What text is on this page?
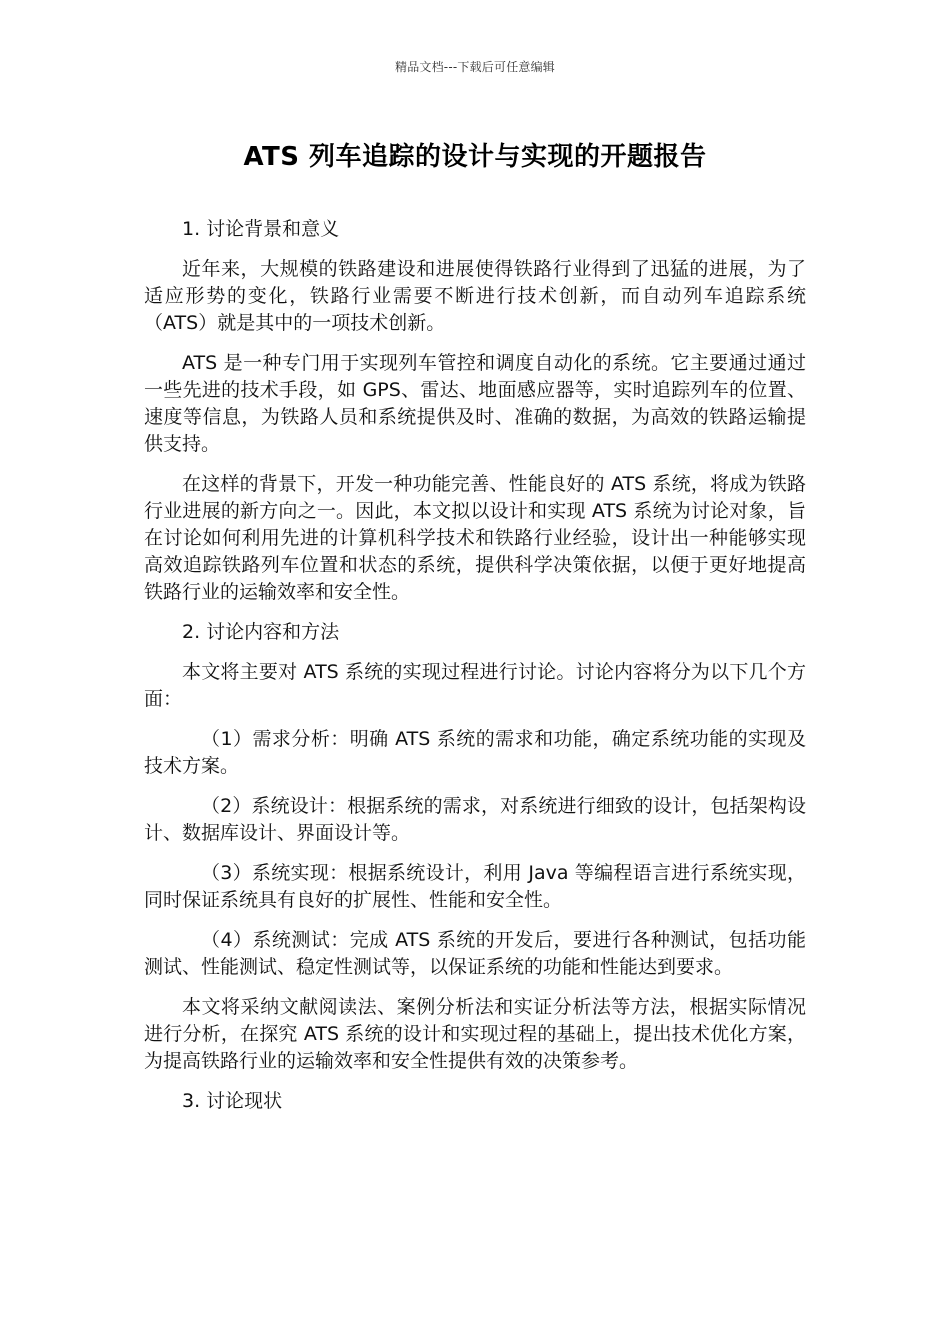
精品文档---下载后可任意编辑
ATS 列车追踪的设计与实现的开题报告
1. 讨论背景和意义

近年来，大规模的铁路建设和进展使得铁路行业得到了迅猛的进展，为了适应形势的变化，铁路行业需要不断进行技术创新，而自动列车追踪系统（ATS）就是其中的一项技术创新。

ATS 是一种专门用于实现列车管控和调度自动化的系统。它主要通过通过一些先进的技术手段，如 GPS、雷达、地面感应器等，实时追踪列车的位置、速度等信息，为铁路人员和系统提供及时、准确的数据，为高效的铁路运输提供支持。

在这样的背景下，开发一种功能完善、性能良好的 ATS 系统，将成为铁路行业进展的新方向之一。因此，本文拟以设计和实现 ATS 系统为讨论对象，旨在讨论如何利用先进的计算机科学技术和铁路行业经验，设计出一种能够实现高效追踪铁路列车位置和状态的系统，提供科学决策依据，以便于更好地提高铁路行业的运输效率和安全性。

2. 讨论内容和方法

本文将主要对 ATS 系统的实现过程进行讨论。讨论内容将分为以下几个方面：

（1）需求分析：明确 ATS 系统的需求和功能，确定系统功能的实现及技术方案。

（2）系统设计：根据系统的需求，对系统进行细致的设计，包括架构设计、数据库设计、界面设计等。

（3）系统实现：根据系统设计，利用 Java 等编程语言进行系统实现，同时保证系统具有良好的扩展性、性能和安全性。

（4）系统测试：完成 ATS 系统的开发后，要进行各种测试，包括功能测试、性能测试、稳定性测试等，以保证系统的功能和性能达到要求。

本文将采纳文献阅读法、案例分析法和实证分析法等方法，根据实际情况进行分析，在探究 ATS 系统的设计和实现过程的基础上，提出技术优化方案，为提高铁路行业的运输效率和安全性提供有效的决策参考。

3. 讨论现状
